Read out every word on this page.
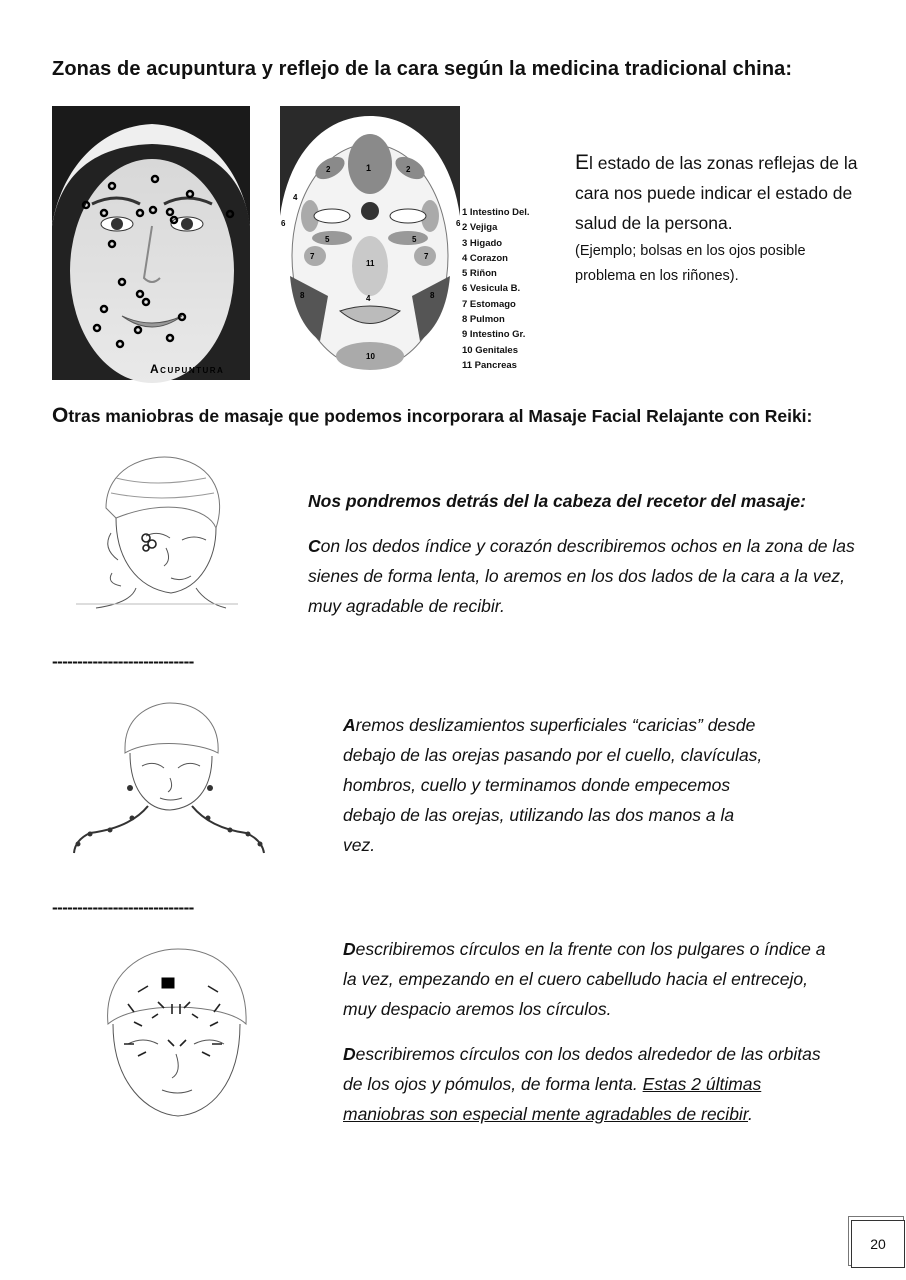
Zonas de acupuntura y reflejo de la cara según la medicina tradicional china:
Acupuntura
1
2	2
4
6	6
5	5
7	7
11
4
8	8
10
1 Intestino Del.
2 Vejiga
3 Higado
4 Corazon
5 Riñon
6 Vesicula B.
7 Estomago
8 Pulmon
9 Intestino Gr.
10 Genitales
11 Pancreas
El estado de las zonas reflejas de la cara nos puede indicar el estado de salud de la persona.
(Ejemplo; bolsas en los ojos posible problema en los riñones).
Otras maniobras de masaje que podemos incorporara al Masaje Facial Relajante con Reiki:

Nos pondremos detrás del la cabeza del recetor del masaje:

Con los dedos índice y corazón describiremos ochos en la zona de las sienes de forma lenta, lo aremos en los dos lados de la cara a la vez, muy agradable de recibir.

----------------------------
Aremos deslizamientos superficiales “caricias” desde debajo de las orejas pasando por el cuello, clavículas, hombros, cuello y terminamos donde empecemos debajo de las orejas, utilizando las dos manos a la vez.
----------------------------

Describiremos círculos en la frente con los pulgares o índice a la vez, empezando en el cuero cabelludo hacia el entrecejo, muy despacio aremos los círculos.

Describiremos círculos con los dedos alrededor de las orbitas de los ojos y pómulos, de forma lenta. Estas 2 últimas maniobras son especial mente agradables de recibir.

20
